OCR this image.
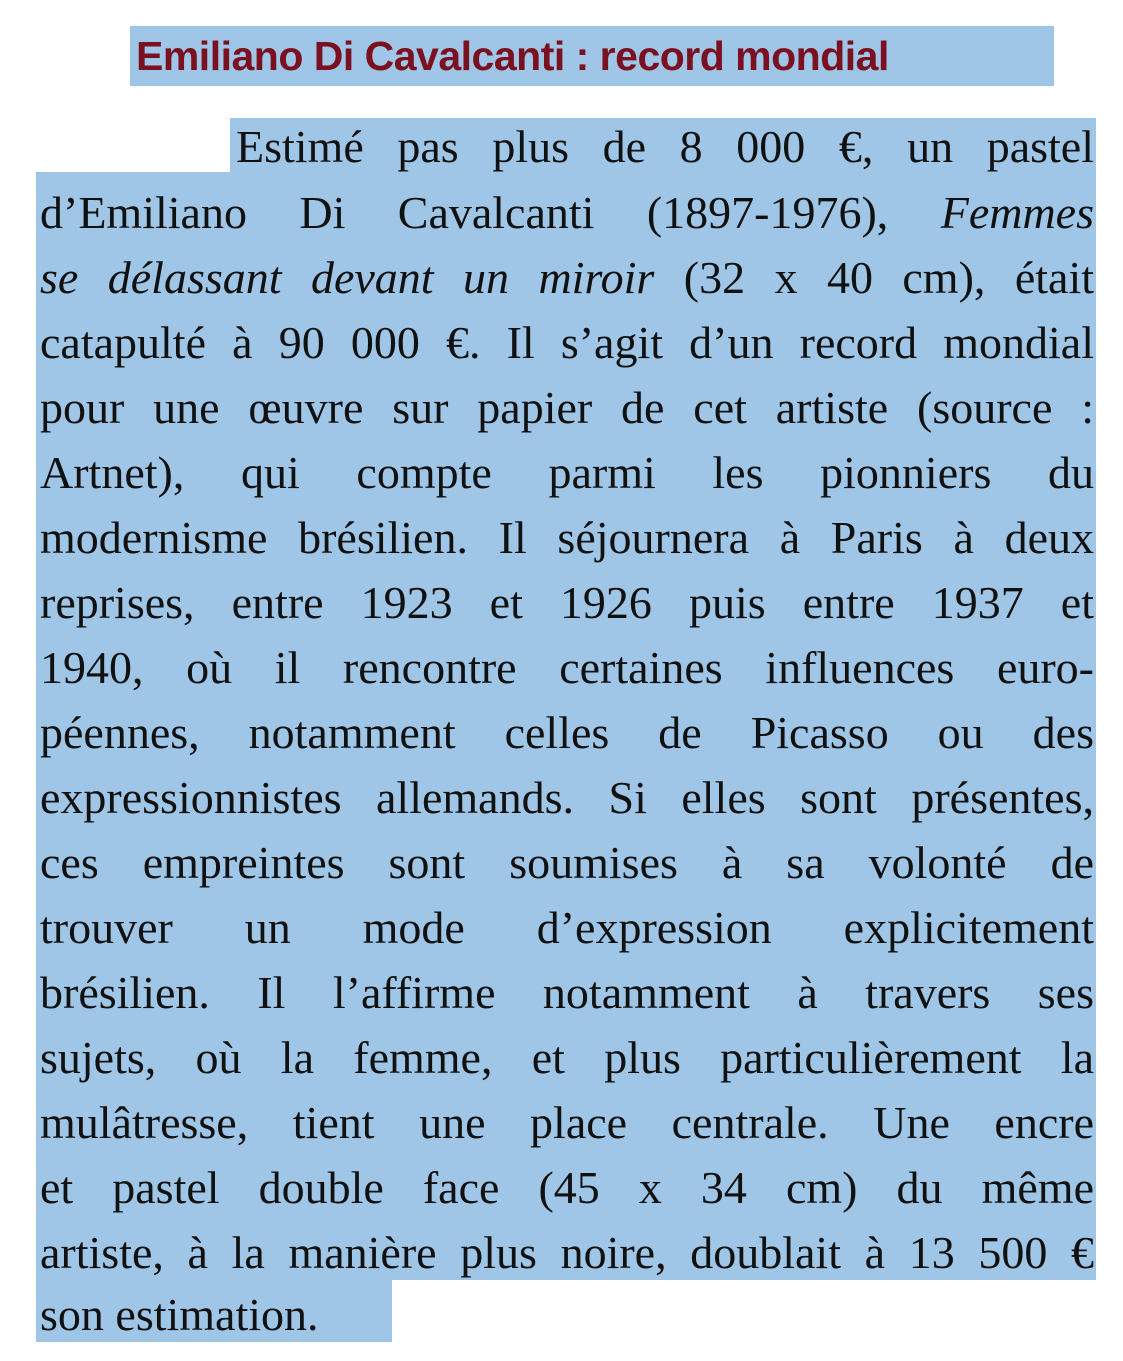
Emiliano Di Cavalcanti : record mondial
Estimé pas plus de 8 000 €, un pastel
d’Emiliano Di Cavalcanti (1897-1976), Femmes
se délassant devant un miroir (32 x 40 cm), était
catapulté à 90 000 €. Il s’agit d’un record mondial
pour une œuvre sur papier de cet artiste (source :
Artnet), qui compte parmi les pionniers du
modernisme brésilien. Il séjournera à Paris à deux
reprises, entre 1923 et 1926 puis entre 1937 et
1940, où il rencontre certaines influences euro-
péennes, notamment celles de Picasso ou des
expressionnistes allemands. Si elles sont présentes,
ces empreintes sont soumises à sa volonté de
trouver un mode d’expression explicitement
brésilien. Il l’affirme notamment à travers ses
sujets, où la femme, et plus particulièrement la
mulâtresse, tient une place centrale. Une encre
et pastel double face (45 x 34 cm) du même
artiste, à la manière plus noire, doublait à 13 500 €
son estimation.
